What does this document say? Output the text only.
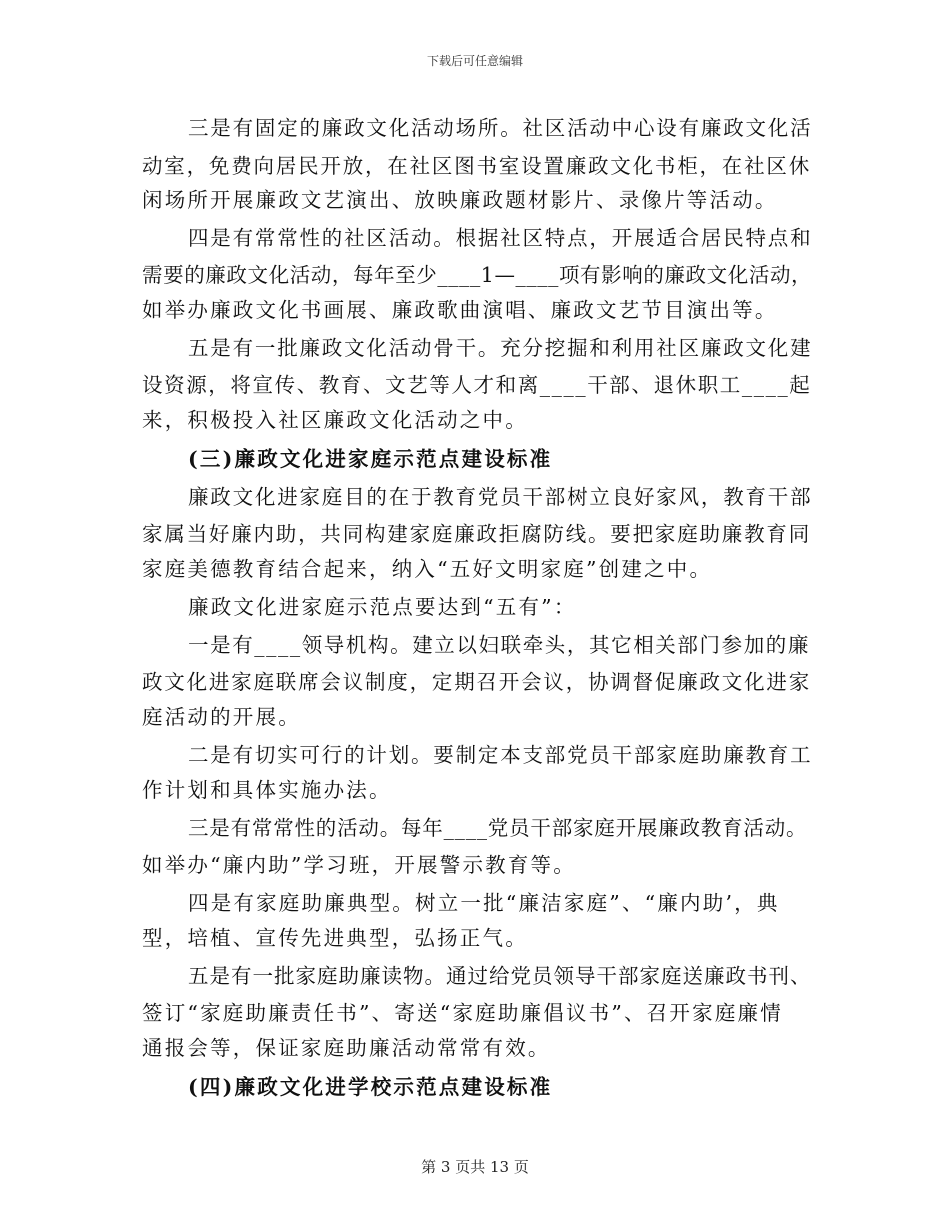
下载后可任意编辑
三是有固定的廉政文化活动场所。社区活动中心设有廉政文化活
动室，免费向居民开放，在社区图书室设置廉政文化书柜，在社区休
闲场所开展廉政文艺演出、放映廉政题材影片、录像片等活动。
四是有常常性的社区活动。根据社区特点，开展适合居民特点和
需要的廉政文化活动，每年至少____1—____项有影响的廉政文化活动，
如举办廉政文化书画展、廉政歌曲演唱、廉政文艺节目演出等。
五是有一批廉政文化活动骨干。充分挖掘和利用社区廉政文化建
设资源，将宣传、教育、文艺等人才和离____干部、退休职工____起
来，积极投入社区廉政文化活动之中。
(三)廉政文化进家庭示范点建设标准
廉政文化进家庭目的在于教育党员干部树立良好家风，教育干部
家属当好廉内助，共同构建家庭廉政拒腐防线。要把家庭助廉教育同
家庭美德教育结合起来，纳入“五好文明家庭”创建之中。
廉政文化进家庭示范点要达到“五有”：
一是有____领导机构。建立以妇联牵头，其它相关部门参加的廉
政文化进家庭联席会议制度，定期召开会议，协调督促廉政文化进家
庭活动的开展。
二是有切实可行的计划。要制定本支部党员干部家庭助廉教育工
作计划和具体实施办法。
三是有常常性的活动。每年____党员干部家庭开展廉政教育活动。
如举办“廉内助”学习班，开展警示教育等。
四是有家庭助廉典型。树立一批“廉洁家庭”、“廉内助’，典
型，培植、宣传先进典型，弘扬正气。
五是有一批家庭助廉读物。通过给党员领导干部家庭送廉政书刊、
签订“家庭助廉责任书”、寄送“家庭助廉倡议书”、召开家庭廉情
通报会等，保证家庭助廉活动常常有效。
(四)廉政文化进学校示范点建设标准
第 3 页共 13 页
